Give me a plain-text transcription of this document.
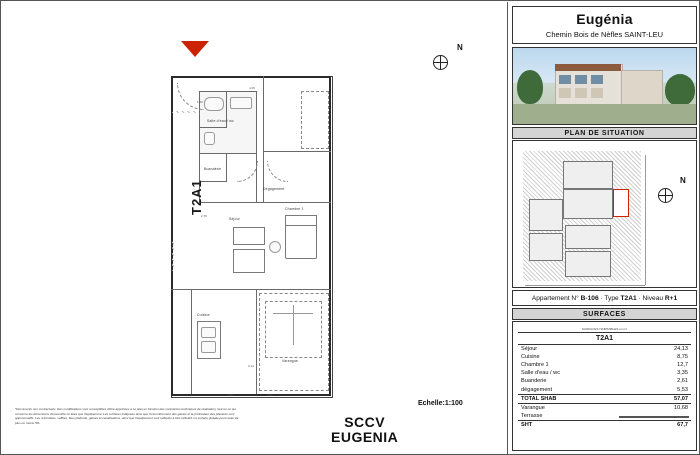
N
Salle d'eau / wc
Buanderie
Dégagement
Séjour
Chambre 1
Cuisine
Varangue
3,36	2,61
3,14
2,79
4,25
1,50
T2A1
Echelle:1:100
*Documents non contractuels. Des modifications sont susceptibles d'être apportées à ce plan en fonction des contraintes techniques de réalisation, tant en ce qui concerne les dimensions d'ensemble ou liées que l'équipement. Les surfaces indiquées ainsi que l'encombrement des gaines et la profondeur des placards sont approximatifs. Les retombées, soffites, faux plafonds, gaines et canalisations, ainsi que l'équipement sont indiqués à titre indicatif. La surface globale peut varier de plus ou moins 5%.	SCCV
EUGENIA
Eugénia
Chemin Bois de Nèfles SAINT-LEU
PLAN DE SITUATION
N
Appartement N° B-106 · Type T2A1 · Niveau R+1
SURFACES
SURFACES HABITABLES en m²
T2A1
Séjour	24,13
Cuisine	8,75
Chambre 1	12,7
Salle d'eau / wc	3,35
Buanderie	2,61
dégagement	5,53
TOTAL SHAB	57,07
Varangue	10,68
Terrasse	

SHT	67,7
